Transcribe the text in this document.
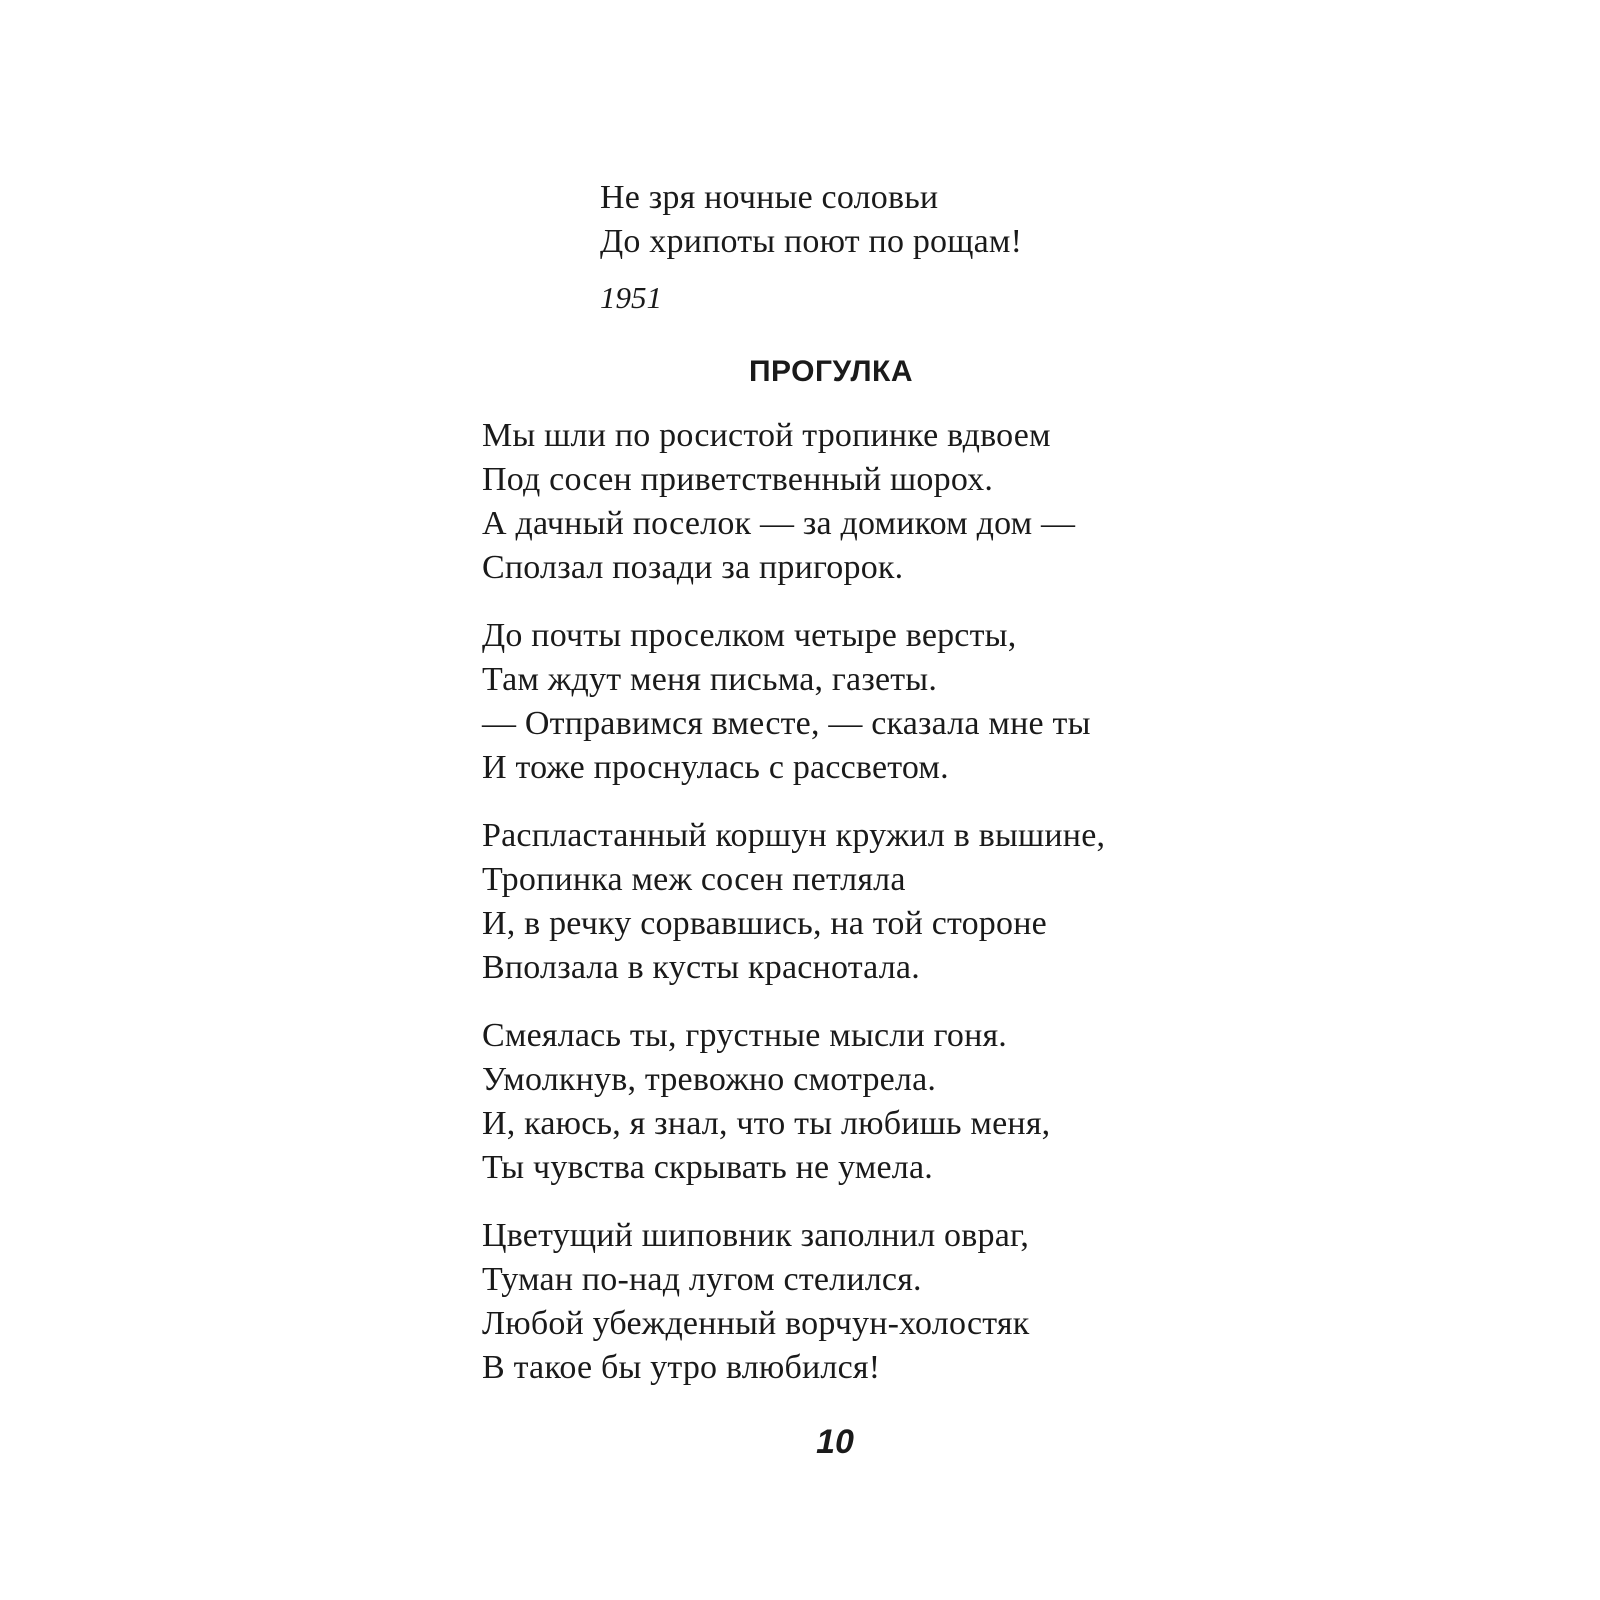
Не зря ночные соловьи
До хрипоты поют по рощам!
1951
ПРОГУЛКА
Мы шли по росистой тропинке вдвоем
Под сосен приветственный шорох.
А дачный поселок — за домиком дом —
Сползал позади за пригорок.
До почты проселком четыре версты,
Там ждут меня письма, газеты.
— Отправимся вместе, — сказала мне ты
И тоже проснулась с рассветом.
Распластанный коршун кружил в вышине,
Тропинка меж сосен петляла
И, в речку сорвавшись, на той стороне
Вползала в кусты краснотала.
Смеялась ты, грустные мысли гоня.
Умолкнув, тревожно смотрела.
И, каюсь, я знал, что ты любишь меня,
Ты чувства скрывать не умела.
Цветущий шиповник заполнил овраг,
Туман по-над лугом стелился.
Любой убежденный ворчун-холостяк
В такое бы утро влюбился!
10
